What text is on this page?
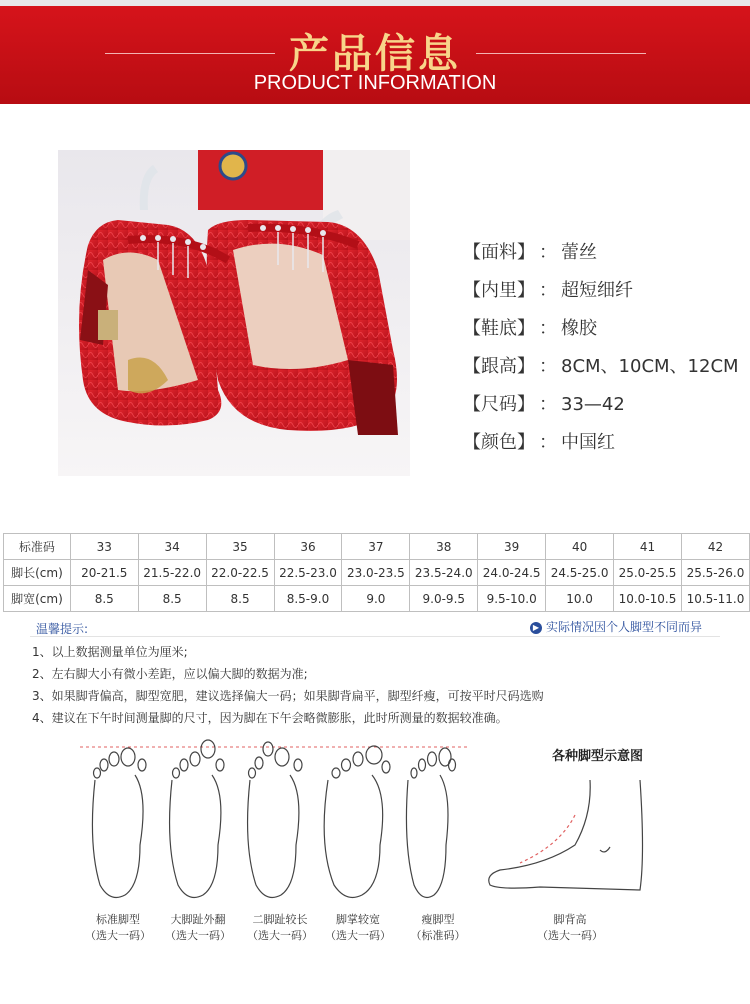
产品信息
PRODUCT INFORMATION
【面料】 ： 蕾丝
【内里】 ： 超短细纤
【鞋底】 ： 橡胶
【跟高】 ： 8CM、10CM、12CM
【尺码】 ： 33—42
【颜色】 ： 中国红
标准码	33	34	35	36	37	38	39	40	41	42
脚长(cm)	20-21.5	21.5-22.0	22.0-22.5	22.5-23.0	23.0-23.5	23.5-24.0	24.0-24.5	24.5-25.0	25.0-25.5	25.5-26.0
脚宽(cm)	8.5	8.5	8.5	8.5-9.0	9.0	9.0-9.5	9.5-10.0	10.0	10.0-10.5	10.5-11.0
温馨提示:	▶ 实际情况因个人脚型不同而异
1、以上数据测量单位为厘米;
2、左右脚大小有微小差距，应以偏大脚的数据为准;
3、如果脚背偏高，脚型宽肥，建议选择偏大一码；如果脚背扁平，脚型纤瘦，可按平时尺码选购
4、建议在下午时间测量脚的尺寸，因为脚在下午会略微膨胀，此时所测量的数据较准确。
标准脚型
（选大一码）
大脚趾外翻
（选大一码）
二脚趾较长
（选大一码）
脚掌较宽
（选大一码）
瘦脚型
（标准码）
各种脚型示意图
脚背高
（选大一码）
